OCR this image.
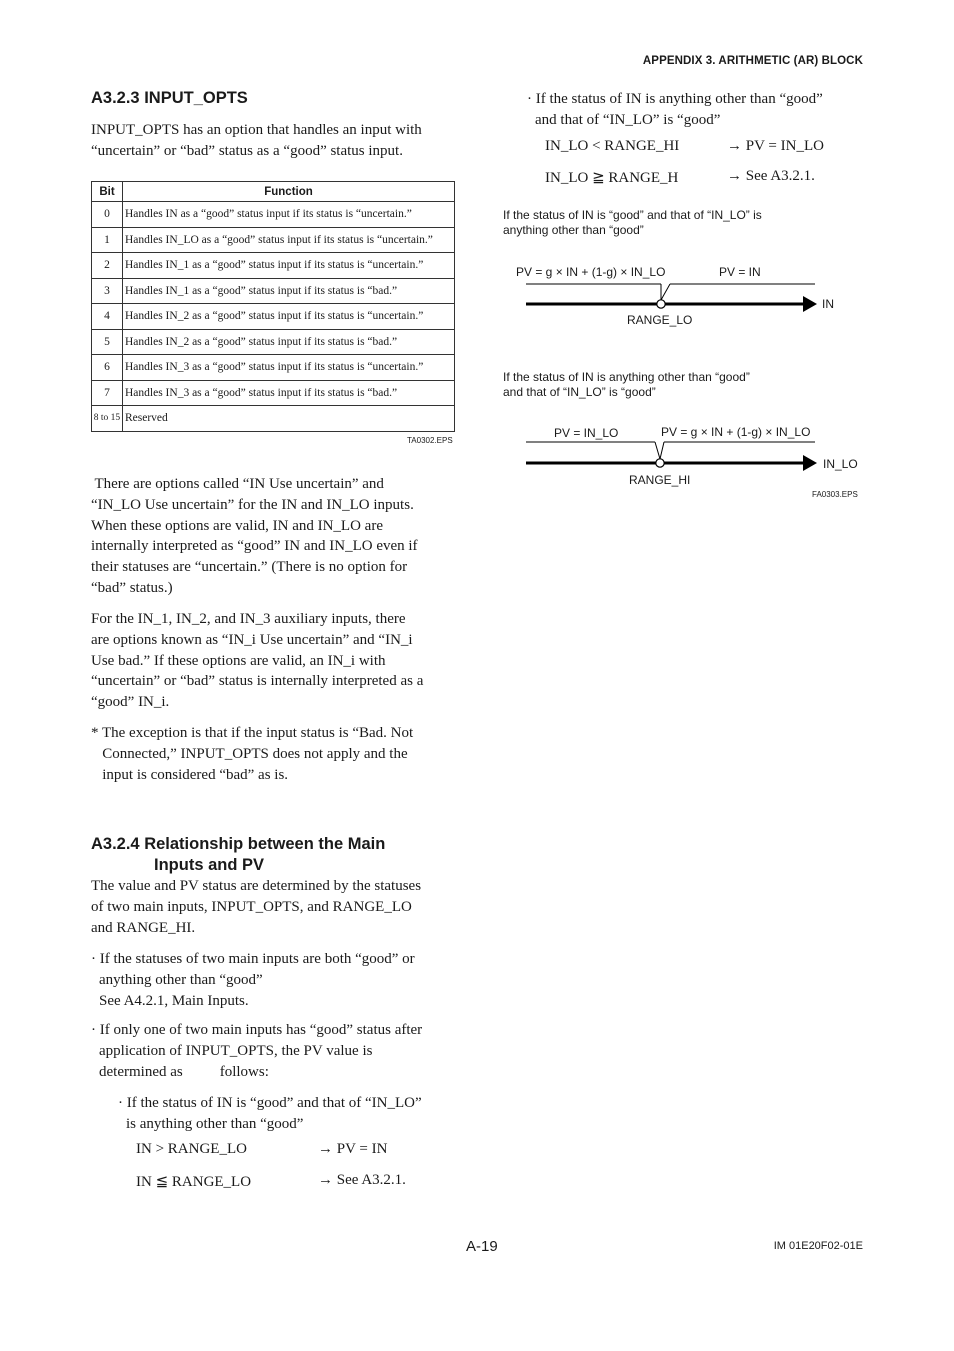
APPENDIX 3. ARITHMETIC (AR) BLOCK
A3.2.3 INPUT_OPTS
INPUT_OPTS has an option that handles an input with
“uncertain” or “bad” status as a “good” status input.
Bit	Function
0	Handles IN as a “good” status input if its status is “uncertain.”
1	Handles IN_LO as a “good” status input if its status is “uncertain.”
2	Handles IN_1 as a “good” status input if its status is “uncertain.”
3	Handles IN_1 as a “good” status input if its status is “bad.”
4	Handles IN_2 as a “good” status input if its status is “uncertain.”
5	Handles IN_2 as a “good” status input if its status is “bad.”
6	Handles IN_3 as a “good” status input if its status is “uncertain.”
7	Handles IN_3 as a “good” status input if its status is “bad.”
8 to 15	Reserved
TA0302.EPS
There are options called “IN Use uncertain” and
“IN_LO Use uncertain” for the IN and IN_LO inputs.
When these options are valid, IN and IN_LO are
internally interpreted as “good” IN and IN_LO even if
their statuses are “uncertain.” (There is no option for
“bad” status.)
For the IN_1, IN_2, and IN_3 auxiliary inputs, there
are options known as “IN_i Use uncertain” and “IN_i
Use bad.” If these options are valid, an IN_i with
“uncertain” or “bad” status is internally interpreted as a
“good” IN_i.
* The exception is that if the input status is “Bad. Not
Connected,” INPUT_OPTS does not apply and the
input is considered “bad” as is.
A3.2.4 Relationship between the Main
Inputs and PV
The value and PV status are determined by the statuses
of two main inputs, INPUT_OPTS, and RANGE_LO
and RANGE_HI.
· If the statuses of two main inputs are both “good” or
anything other than “good”
See A4.2.1, Main Inputs.
· If only one of two main inputs has “good” status after
application of INPUT_OPTS, the PV value is
determined as follows:
· If the status of IN is “good” and that of “IN_LO”
is anything other than “good”
IN > RANGE_LO	→ PV = IN
IN ≦ RANGE_LO	→ See A3.2.1.
· If the status of IN is anything other than “good”
and that of “IN_LO” is “good”
IN_LO < RANGE_HI	→ PV = IN_LO
IN_LO ≧ RANGE_H	→ See A3.2.1.
If the status of IN is “good” and that of “IN_LO” is
anything other than “good”
PV = g × IN + (1-g) × IN_LO	PV = IN
IN
RANGE_LO
If the status of IN is anything other than “good”
and that of “IN_LO” is “good”
PV = IN_LO	PV = g × IN + (1-g) × IN_LO
IN_LO
RANGE_HI
FA0303.EPS
A-19	IM 01E20F02-01E
